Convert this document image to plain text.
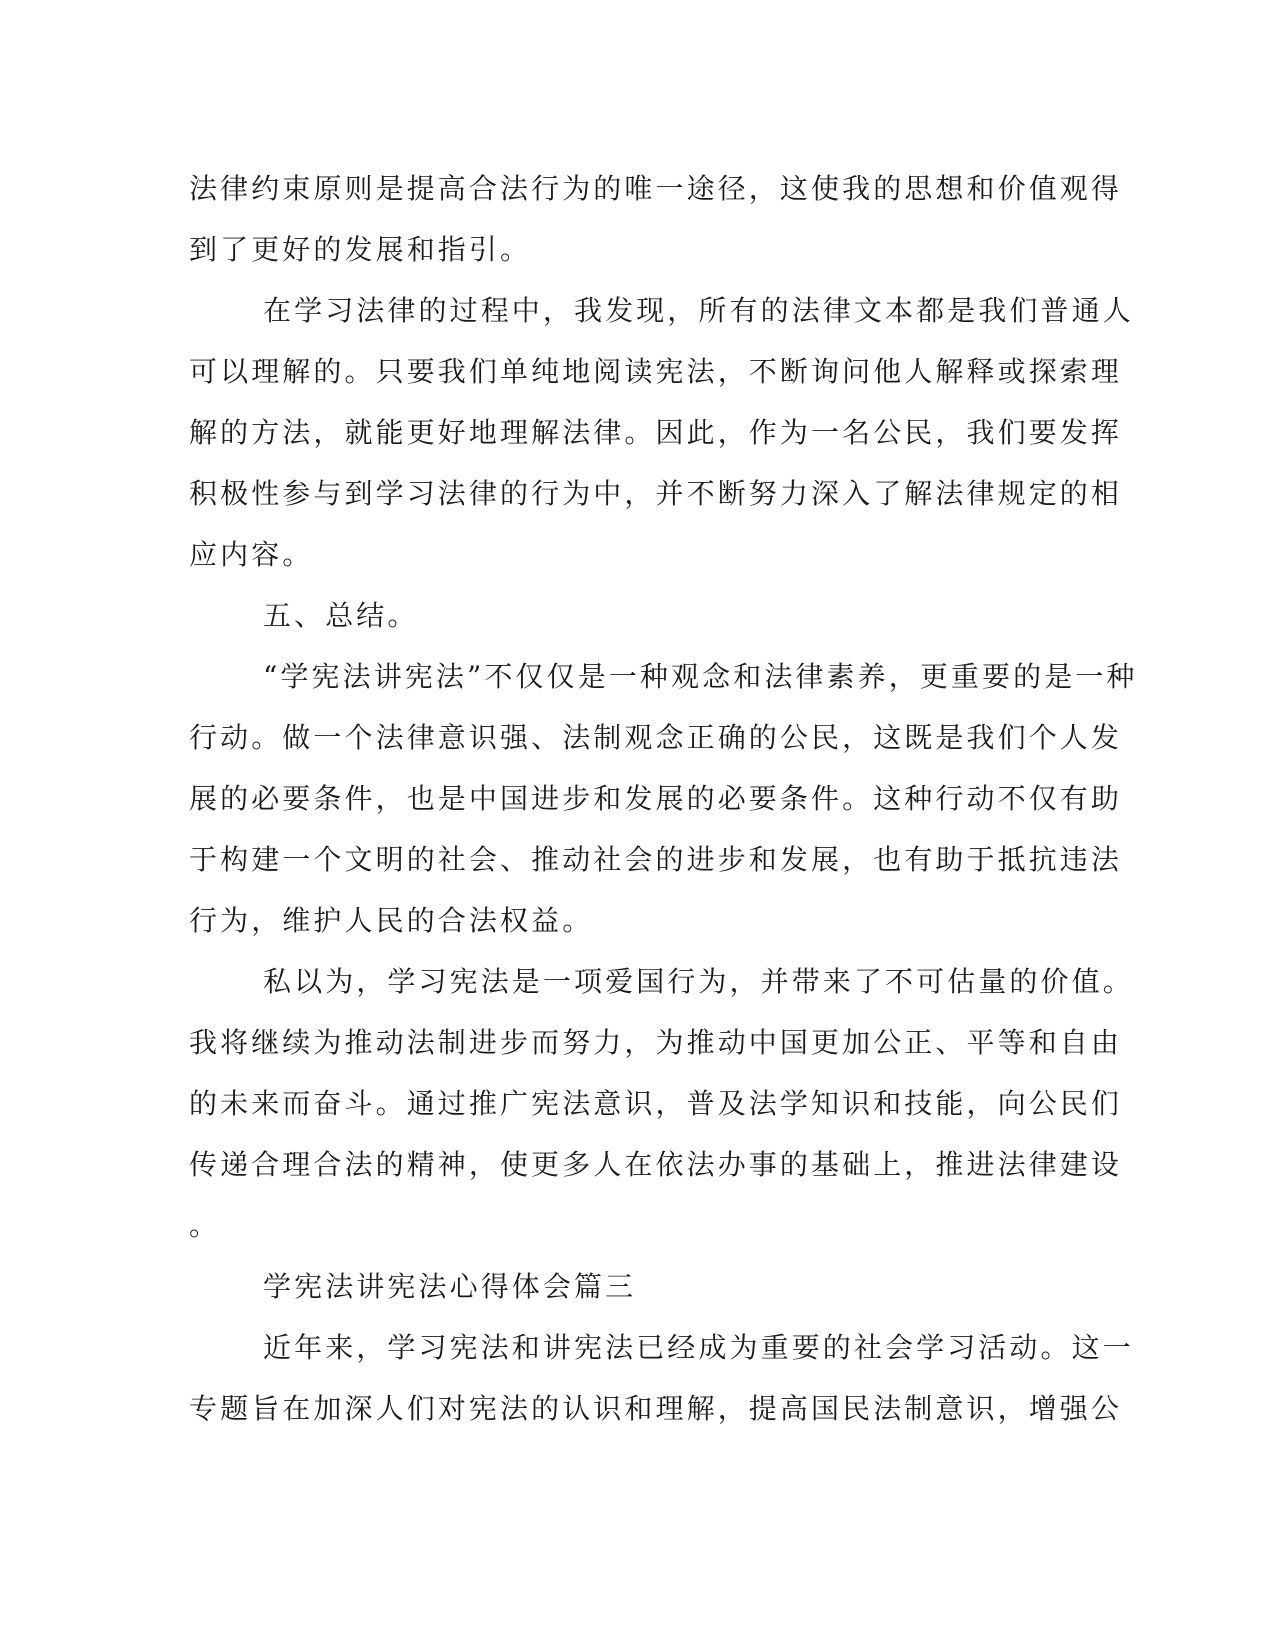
法律约束原则是提高合法行为的唯一途径，这使我的思想和价值观得
到了更好的发展和指引。
在学习法律的过程中，我发现，所有的法律文本都是我们普通人
可以理解的。只要我们单纯地阅读宪法，不断询问他人解释或探索理
解的方法，就能更好地理解法律。因此，作为一名公民，我们要发挥
积极性参与到学习法律的行为中，并不断努力深入了解法律规定的相
应内容。
五、总结。
“学宪法讲宪法”不仅仅是一种观念和法律素养，更重要的是一种
行动。做一个法律意识强、法制观念正确的公民，这既是我们个人发
展的必要条件，也是中国进步和发展的必要条件。这种行动不仅有助
于构建一个文明的社会、推动社会的进步和发展，也有助于抵抗违法
行为，维护人民的合法权益。
私以为，学习宪法是一项爱国行为，并带来了不可估量的价值。
我将继续为推动法制进步而努力，为推动中国更加公正、平等和自由
的未来而奋斗。通过推广宪法意识，普及法学知识和技能，向公民们
传递合理合法的精神，使更多人在依法办事的基础上，推进法律建设
。
学宪法讲宪法心得体会篇三
近年来，学习宪法和讲宪法已经成为重要的社会学习活动。这一
专题旨在加深人们对宪法的认识和理解，提高国民法制意识，增强公
